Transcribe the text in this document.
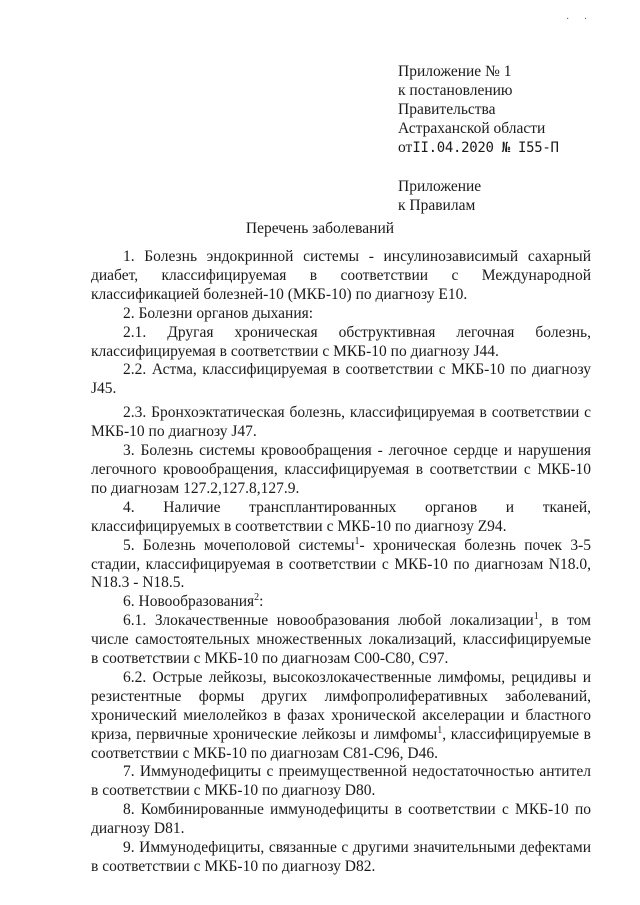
· ·
Приложение № 1
к постановлению
Правительства
Астраханской области
отII.04.2020 № I55-П
Приложение
к Правилам
Перечень заболеваний

1. Болезнь эндокринной системы - инсулинозависимый сахарный диабет, классифицируемая в соответствии с Международной классификацией болезней-10 (МКБ-10) по диагнозу Е10.

2. Болезни органов дыхания:

2.1. Другая хроническая обструктивная легочная болезнь, классифицируемая в соответствии с МКБ-10 по диагнозу J44.

2.2. Астма, классифицируемая в соответствии с МКБ-10 по диагнозу J45.

2.3. Бронхоэктатическая болезнь, классифицируемая в соответствии с МКБ-10 по диагнозу J47.

3. Болезнь системы кровообращения - легочное сердце и нарушения легочного кровообращения, классифицируемая в соответствии с МКБ-10 по диагнозам 127.2,127.8,127.9.

4. Наличие трансплантированных органов и тканей, классифицируемых в соответствии с МКБ-10 по диагнозу Z94.

5. Болезнь мочеполовой системы$^1$- хроническая болезнь почек 3-5 стадии, классифицируемая в соответствии с МКБ-10 по диагнозам N18.0, N18.3 - N18.5.

6. Новообразования$^2$:

6.1. Злокачественные новообразования любой локализации$^1$, в том числе самостоятельных множественных локализаций, классифицируемые в соответствии с МКБ-10 по диагнозам С00-С80, С97.

6.2. Острые лейкозы, высокозлокачественные лимфомы, рецидивы и резистентные формы других лимфопролиферативных заболеваний, хронический миелолейкоз в фазах хронической акселерации и бластного криза, первичные хронические лейкозы и лимфомы$^1$, классифицируемые в соответствии с МКБ-10 по диагнозам С81-С96, D46.

7. Иммунодефициты с преимущественной недостаточностью антител в соответствии с МКБ-10 по диагнозу D80.

8. Комбинированные иммунодефициты в соответствии с МКБ-10 по диагнозу D81.

9. Иммунодефициты, связанные с другими значительными дефектами в соответствии с МКБ-10 по диагнозу D82.
